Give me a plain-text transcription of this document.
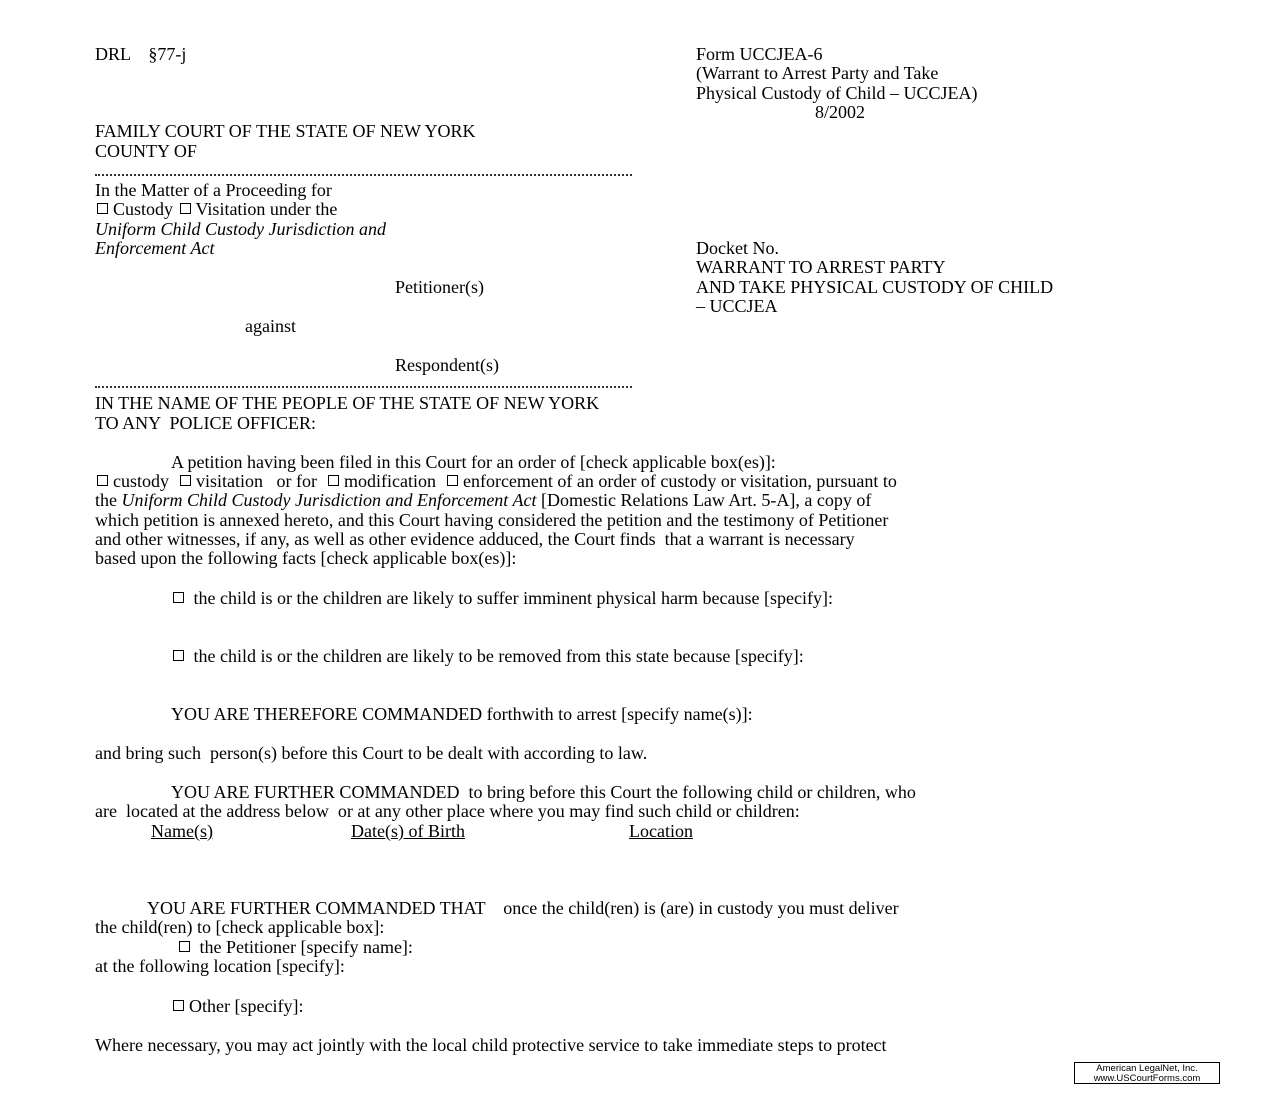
DRL    §77-j	Form UCCJEA-6
(Warrant to Arrest Party and Take
Physical Custody of Child – UCCJEA)
8/2002
FAMILY COURT OF THE STATE OF NEW YORK
COUNTY OF
In the Matter of a Proceeding for
Custody Visitation under the
Uniform Child Custody Jurisdiction and
Enforcement Act	Docket No.
WARRANT TO ARREST PARTY
Petitioner(s)	AND TAKE PHYSICAL CUSTODY OF CHILD
– UCCJEA
against
Respondent(s)
IN THE NAME OF THE PEOPLE OF THE STATE OF NEW YORK
TO ANY  POLICE OFFICER:
A petition having been filed in this Court for an order of [check applicable box(es)]:
custody visitation   or for modification enforcement of an order of custody or visitation, pursuant to
the Uniform Child Custody Jurisdiction and Enforcement Act [Domestic Relations Law Art. 5-A], a copy of
which petition is annexed hereto, and this Court having considered the petition and the testimony of Petitioner
and other witnesses, if any, as well as other evidence adduced, the Court finds  that a warrant is necessary
based upon the following facts [check applicable box(es)]:
the child is or the children are likely to suffer imminent physical harm because [specify]:
the child is or the children are likely to be removed from this state because [specify]:
YOU ARE THEREFORE COMMANDED forthwith to arrest [specify name(s)]:
and bring such  person(s) before this Court to be dealt with according to law.
YOU ARE FURTHER COMMANDED  to bring before this Court the following child or children, who
are  located at the address below  or at any other place where you may find such child or children:
Name(s)	Date(s) of Birth	Location
YOU ARE FURTHER COMMANDED THAT    once the child(ren) is (are) in custody you must deliver
the child(ren) to [check applicable box]:
the Petitioner [specify name]:
at the following location [specify]:
Other [specify]:
Where necessary, you may act jointly with the local child protective service to take immediate steps to protect
American LegalNet, Inc.
www.USCourtForms.com
